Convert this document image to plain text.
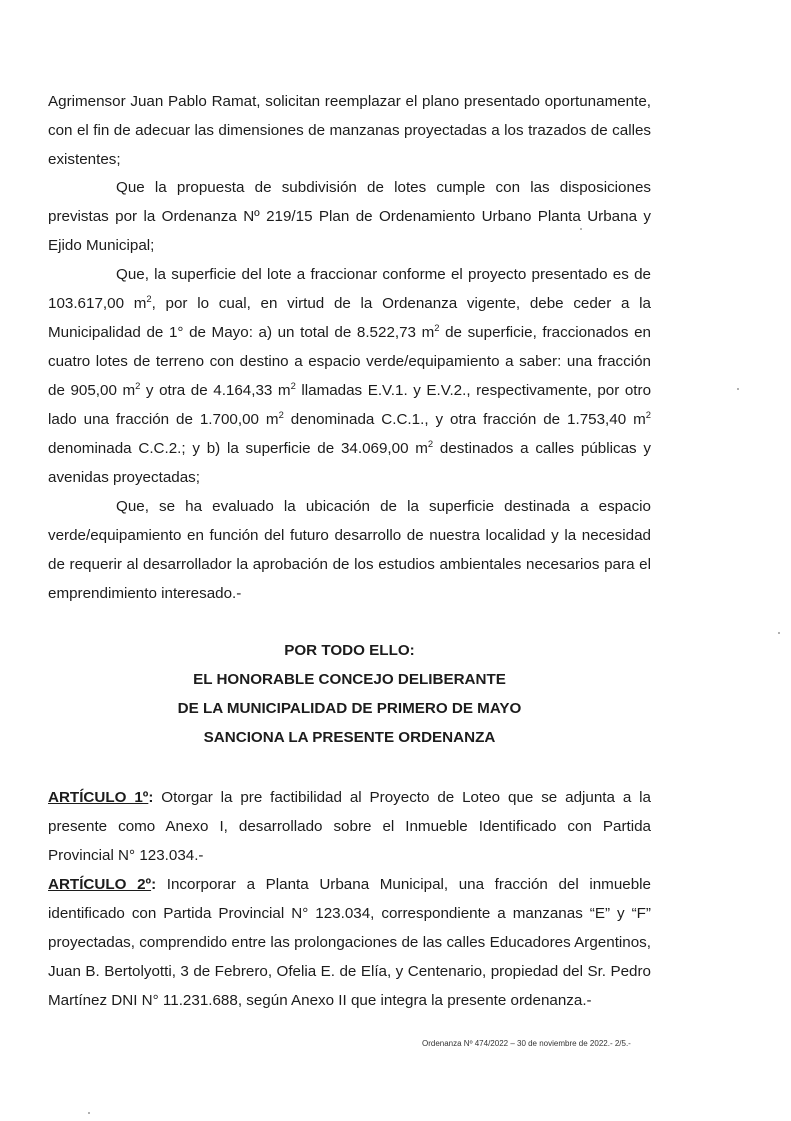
Agrimensor Juan Pablo Ramat, solicitan reemplazar el plano presentado oportunamente, con el fin de adecuar las dimensiones de manzanas proyectadas a los trazados de calles existentes;

Que la propuesta de subdivisión de lotes cumple con las disposiciones previstas por la Ordenanza Nº 219/15 Plan de Ordenamiento Urbano Planta Urbana y Ejido Municipal;

Que, la superficie del lote a fraccionar conforme el proyecto presentado es de 103.617,00 $m^2$, por lo cual, en virtud de la Ordenanza vigente, debe ceder a la Municipalidad de 1° de Mayo: a) un total de 8.522,73 $m^2$ de superficie, fraccionados en cuatro lotes de terreno con destino a espacio verde/equipamiento a saber: una fracción de 905,00 $m^2$ y otra de 4.164,33 $m^2$ llamadas E.V.1. y E.V.2., respectivamente, por otro lado una fracción de 1.700,00 $m^2$ denominada C.C.1., y otra fracción de 1.753,40 $m^2$ denominada C.C.2.; y b) la superficie de 34.069,00 $m^2$ destinados a calles públicas y avenidas proyectadas;

Que, se ha evaluado la ubicación de la superficie destinada a espacio verde/equipamiento en función del futuro desarrollo de nuestra localidad y la necesidad de requerir al desarrollador la aprobación de los estudios ambientales necesarios para el emprendimiento interesado.-

POR TODO ELLO:

EL HONORABLE CONCEJO DELIBERANTE

DE LA MUNICIPALIDAD DE PRIMERO DE MAYO

SANCIONA LA PRESENTE ORDENANZA

ARTÍCULO 1º: Otorgar la pre factibilidad al Proyecto de Loteo que se adjunta a la presente como Anexo I, desarrollado sobre el Inmueble Identificado con Partida Provincial N° 123.034.-

ARTÍCULO 2º: Incorporar a Planta Urbana Municipal, una fracción del inmueble identificado con Partida Provincial N° 123.034, correspondiente a manzanas “E” y “F” proyectadas, comprendido entre las prolongaciones de las calles Educadores Argentinos, Juan B. Bertolyotti, 3 de Febrero, Ofelia E. de Elía, y Centenario, propiedad del Sr. Pedro Martínez DNI N° 11.231.688, según Anexo II que integra la presente ordenanza.-

Ordenanza Nº 474/2022 – 30 de noviembre de 2022.- 2/5.-
